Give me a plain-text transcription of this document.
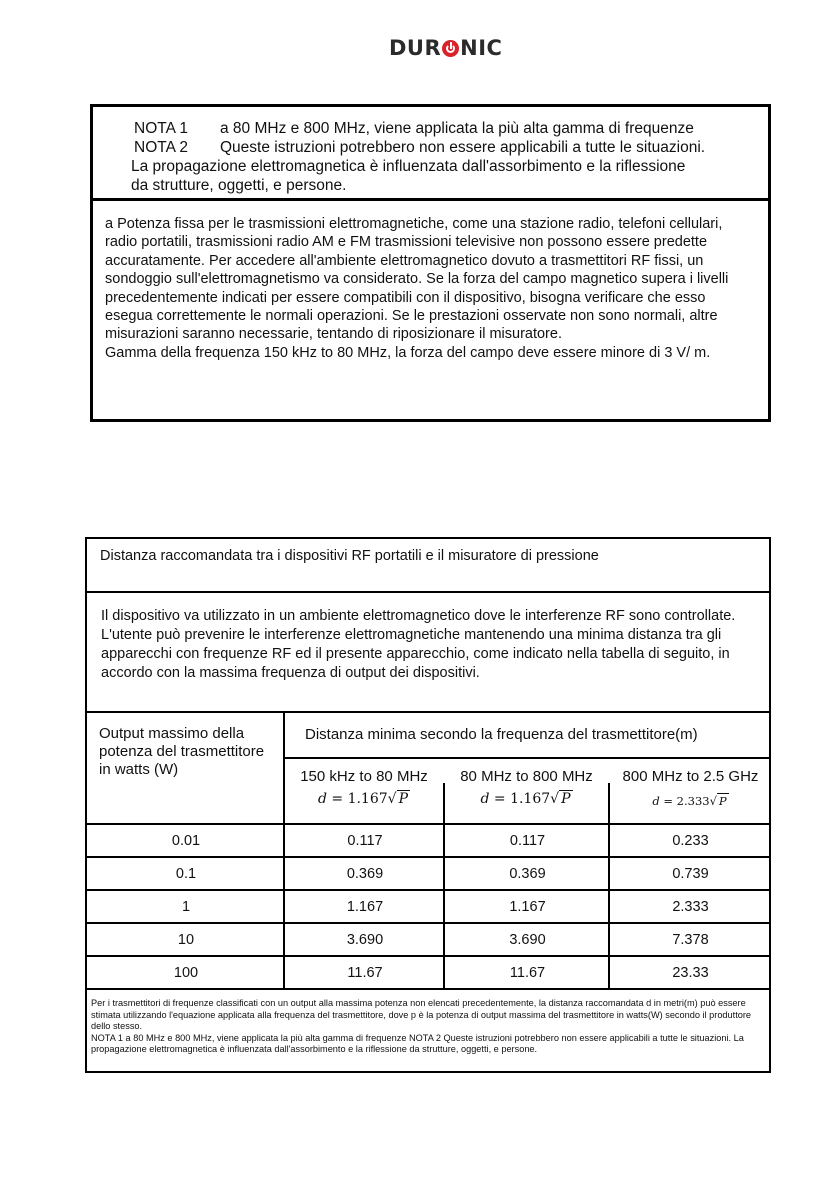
DUR NIC
NOTA 1 a 80 MHz e 800 MHz, viene applicata la più alta gamma di frequenze
NOTA 2 Queste istruzioni potrebbero non essere applicabili a tutte le situazioni.
La propagazione elettromagnetica è influenzata dall'assorbimento e la riflessione da strutture, oggetti, e persone.
a Potenza fissa per le trasmissioni elettromagnetiche, come una stazione radio, telefoni cellulari, radio portatili, trasmissioni radio AM e FM trasmissioni televisive non possono essere predette accuratamente. Per accedere all'ambiente elettromagnetico dovuto a trasmettitori RF fissi, un sondoggio sull'elettromagnetismo va considerato. Se la forza del campo magnetico supera i livelli precedentemente indicati per essere compatibili con il dispositivo, bisogna verificare che esso esegua correttemente le normali operazioni. Se le prestazioni osservate non sono normali, altre misurazioni saranno necessarie, tentando di riposizionare il misuratore.
Gamma della frequenza 150 kHz to 80 MHz, la forza del campo deve essere minore di 3 V/ m.
Distanza raccomandata tra i dispositivi RF portatili e il misuratore di pressione
Il dispositivo va utilizzato in un ambiente elettromagnetico dove le interferenze RF sono controllate. L'utente può prevenire le interferenze elettromagnetiche mantenendo una minima distanza tra gli apparecchi con frequenze RF ed il presente apparecchio, come indicato nella tabella di seguito, in accordo con la massima frequenza di output dei dispositivi.
Output massimo della potenza del trasmettitore in watts (W)
Distanza minima secondo la frequenza del trasmettitore(m)
150 kHz to 80 MHz
d = 1.167√ P
80 MHz to 800 MHz
d = 1.167√ P
800 MHz to 2.5 GHz
d = 2.333√ P
0.01	0.117	0.117	0.233
0.1	0.369	0.369	0.739
1	1.167	1.167	2.333
10	3.690	3.690	7.378
100	11.67	11.67	23.33
Per i trasmettitori di frequenze classificati con un output alla massima potenza non elencati precedentemente, la distanza raccomandata d in metri(m) può essere stimata utilizzando l'equazione applicata alla frequenza del trasmettitore, dove p è la potenza di output massima del trasmettitore in watts(W) secondo il produttore dello stesso.
NOTA 1 a 80 MHz e 800 MHz, viene applicata la più alta gamma di frequenze NOTA 2 Queste istruzioni potrebbero non essere applicabili a tutte le situazioni. La propagazione elettromagnetica è influenzata dall'assorbimento e la riflessione da strutture, oggetti, e persone.
